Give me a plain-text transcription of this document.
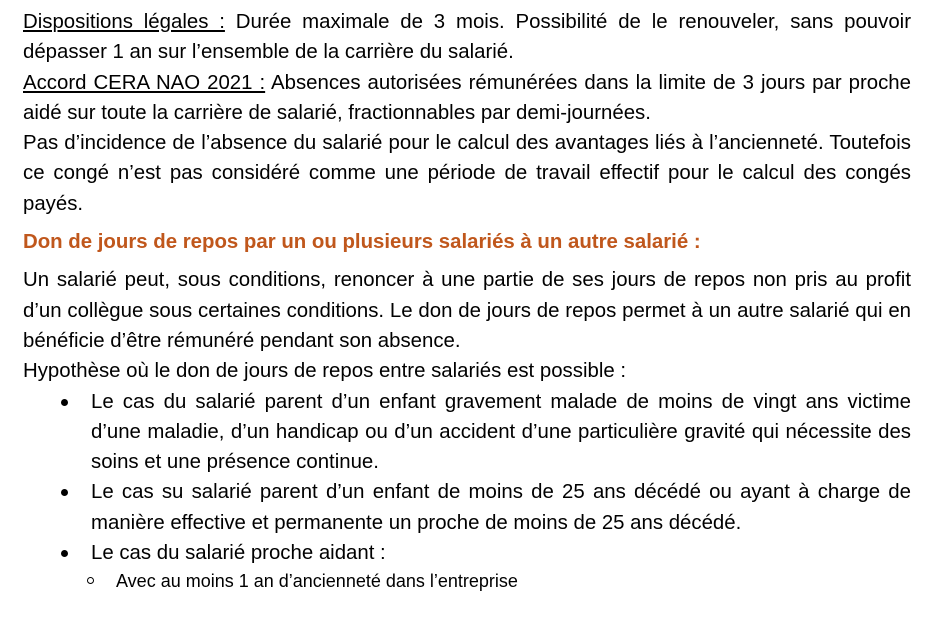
Dispositions légales : Durée maximale de 3 mois. Possibilité de le renouveler, sans pouvoir dépasser 1 an sur l’ensemble de la carrière du salarié.

Accord CERA NAO 2021 : Absences autorisées rémunérées dans la limite de 3 jours par proche aidé sur toute la carrière de salarié, fractionnables par demi-journées.

Pas d’incidence de l’absence du salarié pour le calcul des avantages liés à l’ancienneté. Toutefois ce congé n’est pas considéré comme une période de travail effectif pour le calcul des congés payés.

Don de jours de repos par un ou plusieurs salariés à un autre salarié :

Un salarié peut, sous conditions, renoncer à une partie de ses jours de repos non pris au profit d’un collègue sous certaines conditions. Le don de jours de repos permet à un autre salarié qui en bénéficie d’être rémunéré pendant son absence.

Hypothèse où le don de jours de repos entre salariés est possible :

Le cas du salarié parent d’un enfant gravement malade de moins de vingt ans victime d’une maladie, d’un handicap ou d’un accident d’une particulière gravité qui nécessite des soins et une présence continue.
Le cas su salarié parent d’un enfant de moins de 25 ans décédé ou ayant à charge de manière effective et permanente un proche de moins de 25 ans décédé.
Le cas du salarié proche aidant :
Avec au moins 1 an d’ancienneté dans l’entreprise
